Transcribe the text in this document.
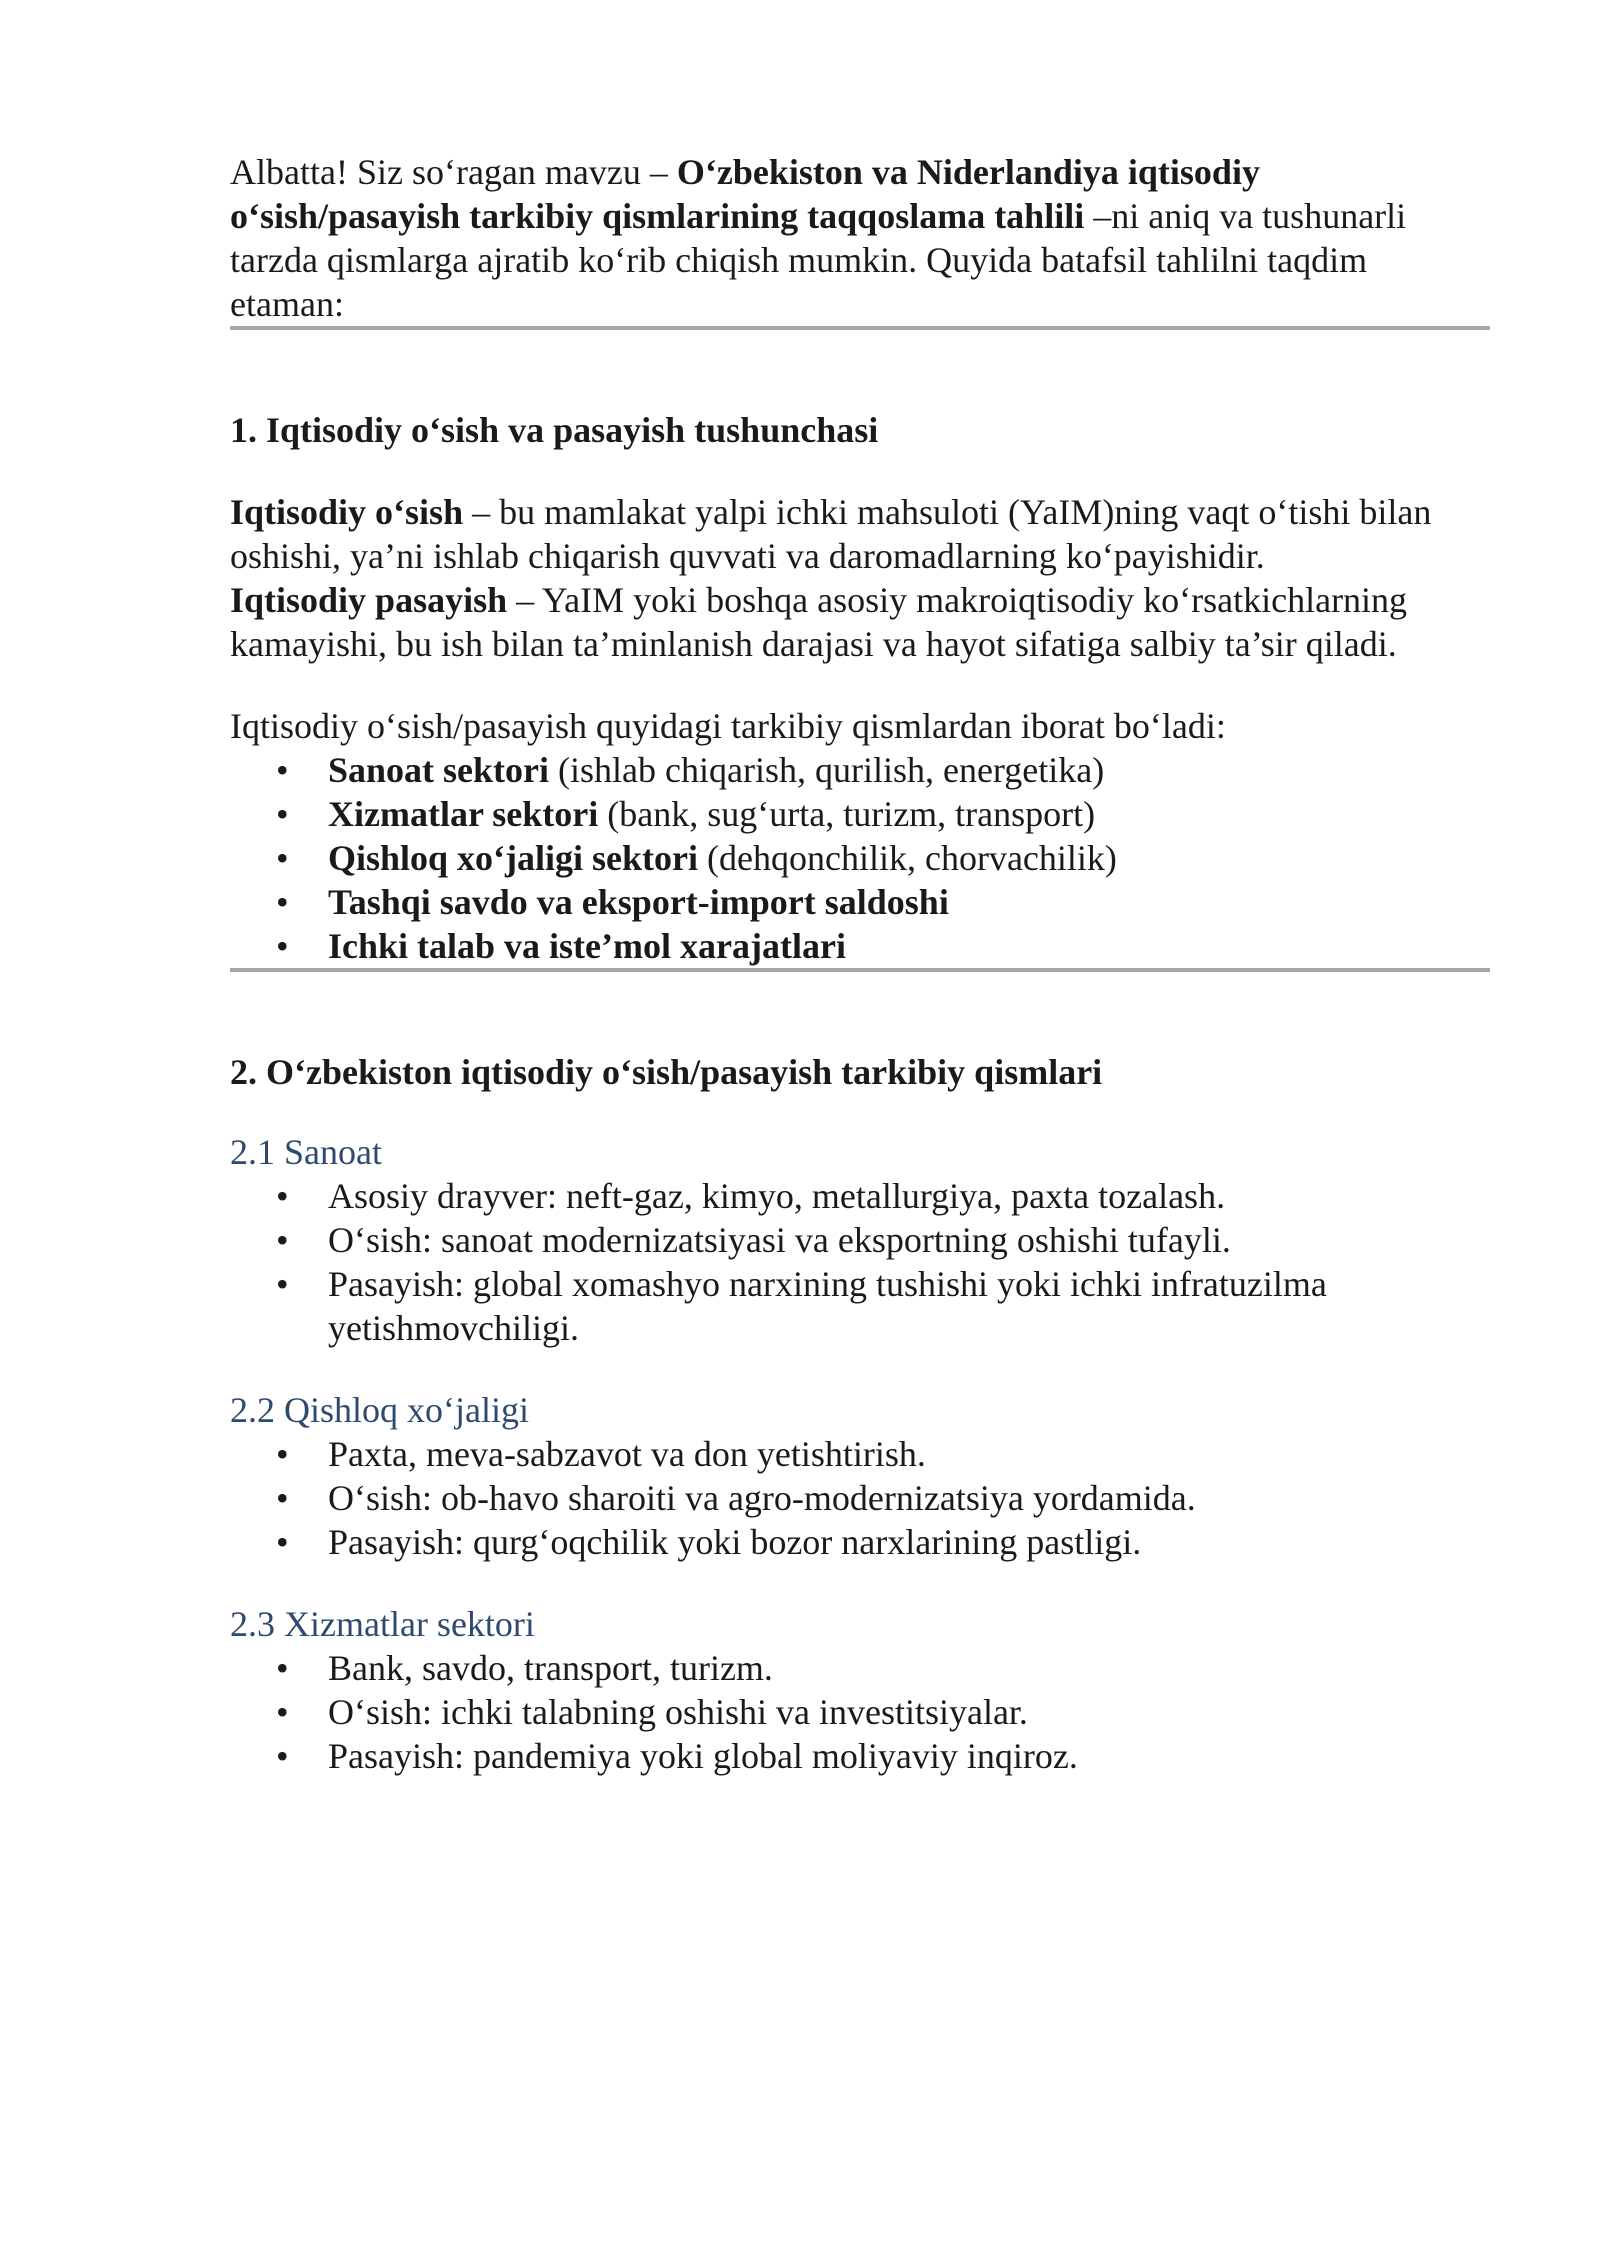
Albatta! Siz so‘ragan mavzu – O‘zbekiston va Niderlandiya iqtisodiy o‘sish/pasayish tarkibiy qismlarining taqqoslama tahlili –ni aniq va tushunarli tarzda qismlarga ajratib ko‘rib chiqish mumkin. Quyida batafsil tahlilni taqdim etaman:

1. Iqtisodiy o‘sish va pasayish tushunchasi

Iqtisodiy o‘sish – bu mamlakat yalpi ichki mahsuloti (YaIM)ning vaqt o‘tishi bilan oshishi, ya’ni ishlab chiqarish quvvati va daromadlarning ko‘payishidir.
Iqtisodiy pasayish – YaIM yoki boshqa asosiy makroiqtisodiy ko‘rsatkichlarning kamayishi, bu ish bilan ta’minlanish darajasi va hayot sifatiga salbiy ta’sir qiladi.

Iqtisodiy o‘sish/pasayish quyidagi tarkibiy qismlardan iborat bo‘ladi:

• Sanoat sektori (ishlab chiqarish, qurilish, energetika)
• Xizmatlar sektori (bank, sug‘urta, turizm, transport)
• Qishloq xo‘jaligi sektori (dehqonchilik, chorvachilik)
• Tashqi savdo va eksport-import saldoshi
• Ichki talab va iste’mol xarajatlari

2. O‘zbekiston iqtisodiy o‘sish/pasayish tarkibiy qismlari

2.1 Sanoat

• Asosiy drayver: neft-gaz, kimyo, metallurgiya, paxta tozalash.
• O‘sish: sanoat modernizatsiyasi va eksportning oshishi tufayli.
• Pasayish: global xomashyo narxining tushishi yoki ichki infratuzilma yetishmovchiligi.

2.2 Qishloq xo‘jaligi

• Paxta, meva-sabzavot va don yetishtirish.
• O‘sish: ob-havo sharoiti va agro-modernizatsiya yordamida.
• Pasayish: qurg‘oqchilik yoki bozor narxlarining pastligi.

2.3 Xizmatlar sektori

• Bank, savdo, transport, turizm.
• O‘sish: ichki talabning oshishi va investitsiyalar.
• Pasayish: pandemiya yoki global moliyaviy inqiroz.
